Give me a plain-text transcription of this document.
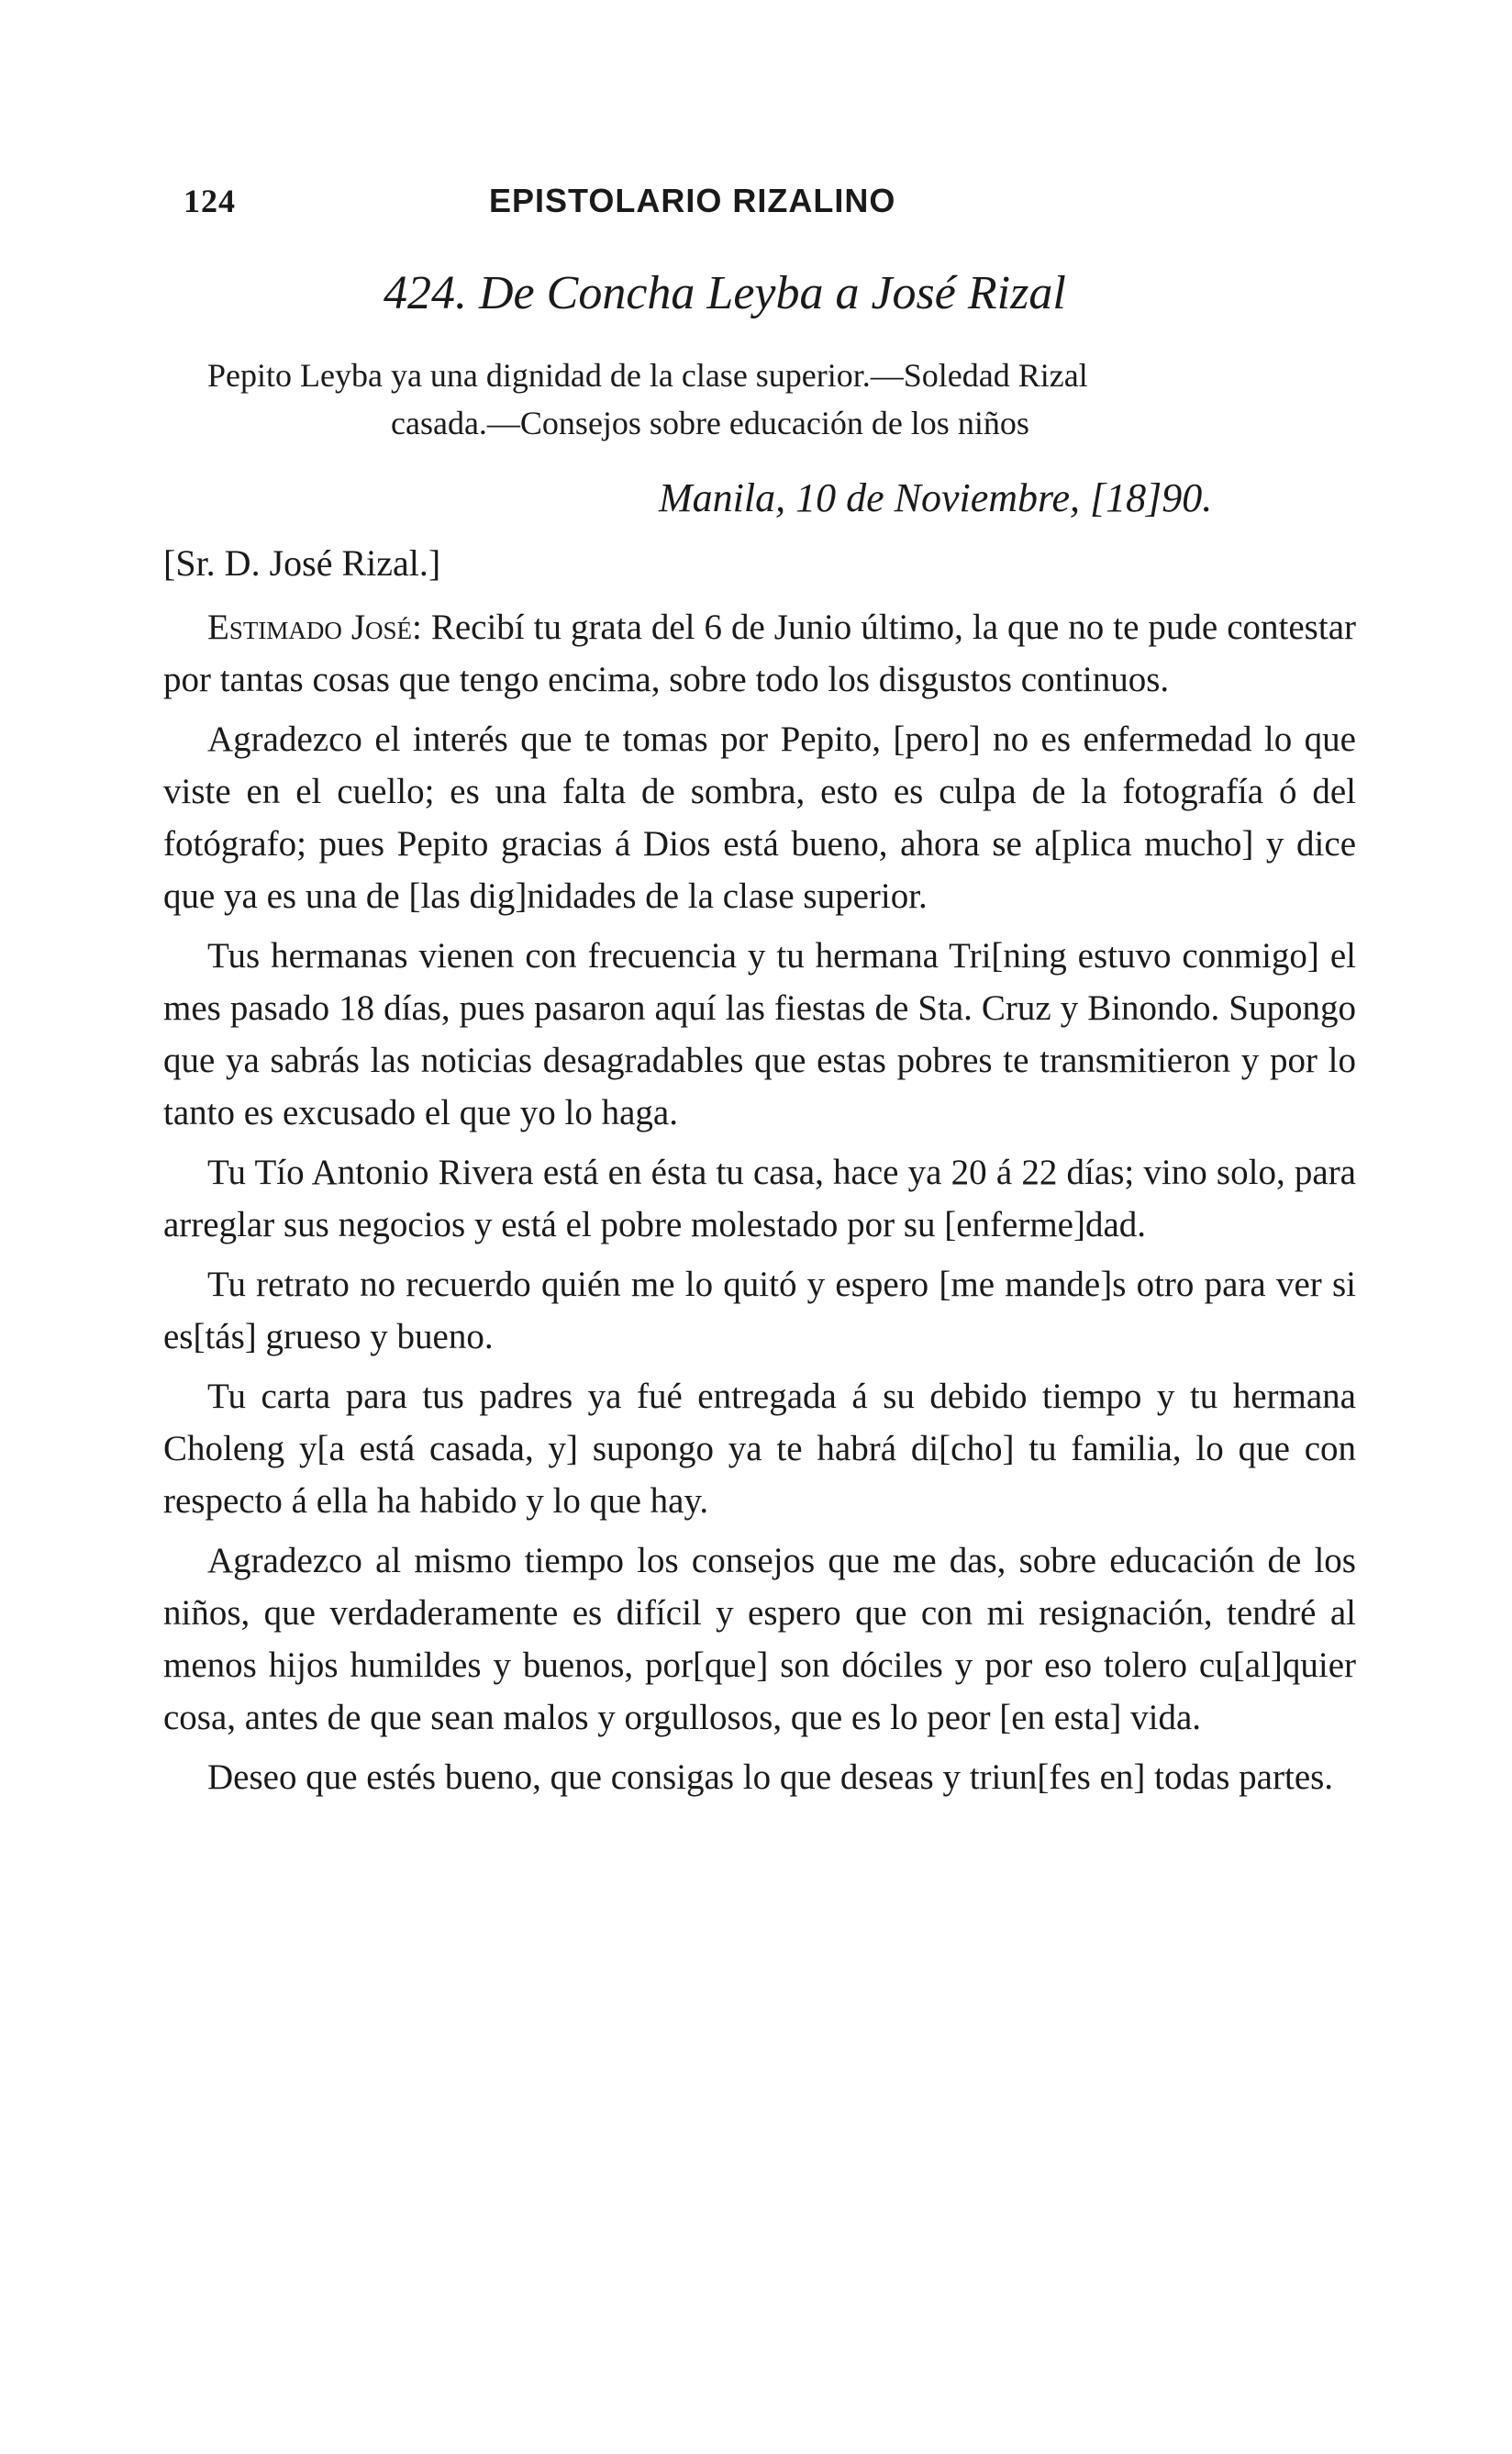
124	EPISTOLARIO RIZALINO
424. De Concha Leyba a José Rizal
Pepito Leyba ya una dignidad de la clase superior.—Soledad Rizal
casada.—Consejos sobre educación de los niños
Manila, 10 de Noviembre, [18]90.
[Sr. D. José Rizal.]

Estimado José: Recibí tu grata del 6 de Junio último, la que no te pude contestar por tantas cosas que tengo encima, sobre todo los disgustos continuos.

Agradezco el interés que te tomas por Pepito, [pero] no es enfermedad lo que viste en el cuello; es una falta de sombra, esto es culpa de la fotografía ó del fotógrafo; pues Pepito gracias á Dios está bueno, ahora se a[plica mucho] y dice que ya es una de [las dig]nidades de la clase superior.

Tus hermanas vienen con frecuencia y tu hermana Tri[ning estuvo conmigo] el mes pasado 18 días, pues pasaron aquí las fiestas de Sta. Cruz y Binondo. Supongo que ya sabrás las noticias desagradables que estas pobres te transmitieron y por lo tanto es excusado el que yo lo haga.

Tu Tío Antonio Rivera está en ésta tu casa, hace ya 20 á 22 días; vino solo, para arreglar sus negocios y está el pobre molestado por su [enferme]dad.

Tu retrato no recuerdo quién me lo quitó y espero [me mande]s otro para ver si es[tás] grueso y bueno.

Tu carta para tus padres ya fué entregada á su debido tiempo y tu hermana Choleng y[a está casada, y] supongo ya te habrá di[cho] tu familia, lo que con respecto á ella ha habido y lo que hay.

Agradezco al mismo tiempo los consejos que me das, sobre educación de los niños, que verdaderamente es difícil y espero que con mi resignación, tendré al menos hijos humildes y buenos, por[que] son dóciles y por eso tolero cu[al]quier cosa, antes de que sean malos y orgullosos, que es lo peor [en esta] vida.

Deseo que estés bueno, que consigas lo que deseas y triun[fes en] todas partes.
